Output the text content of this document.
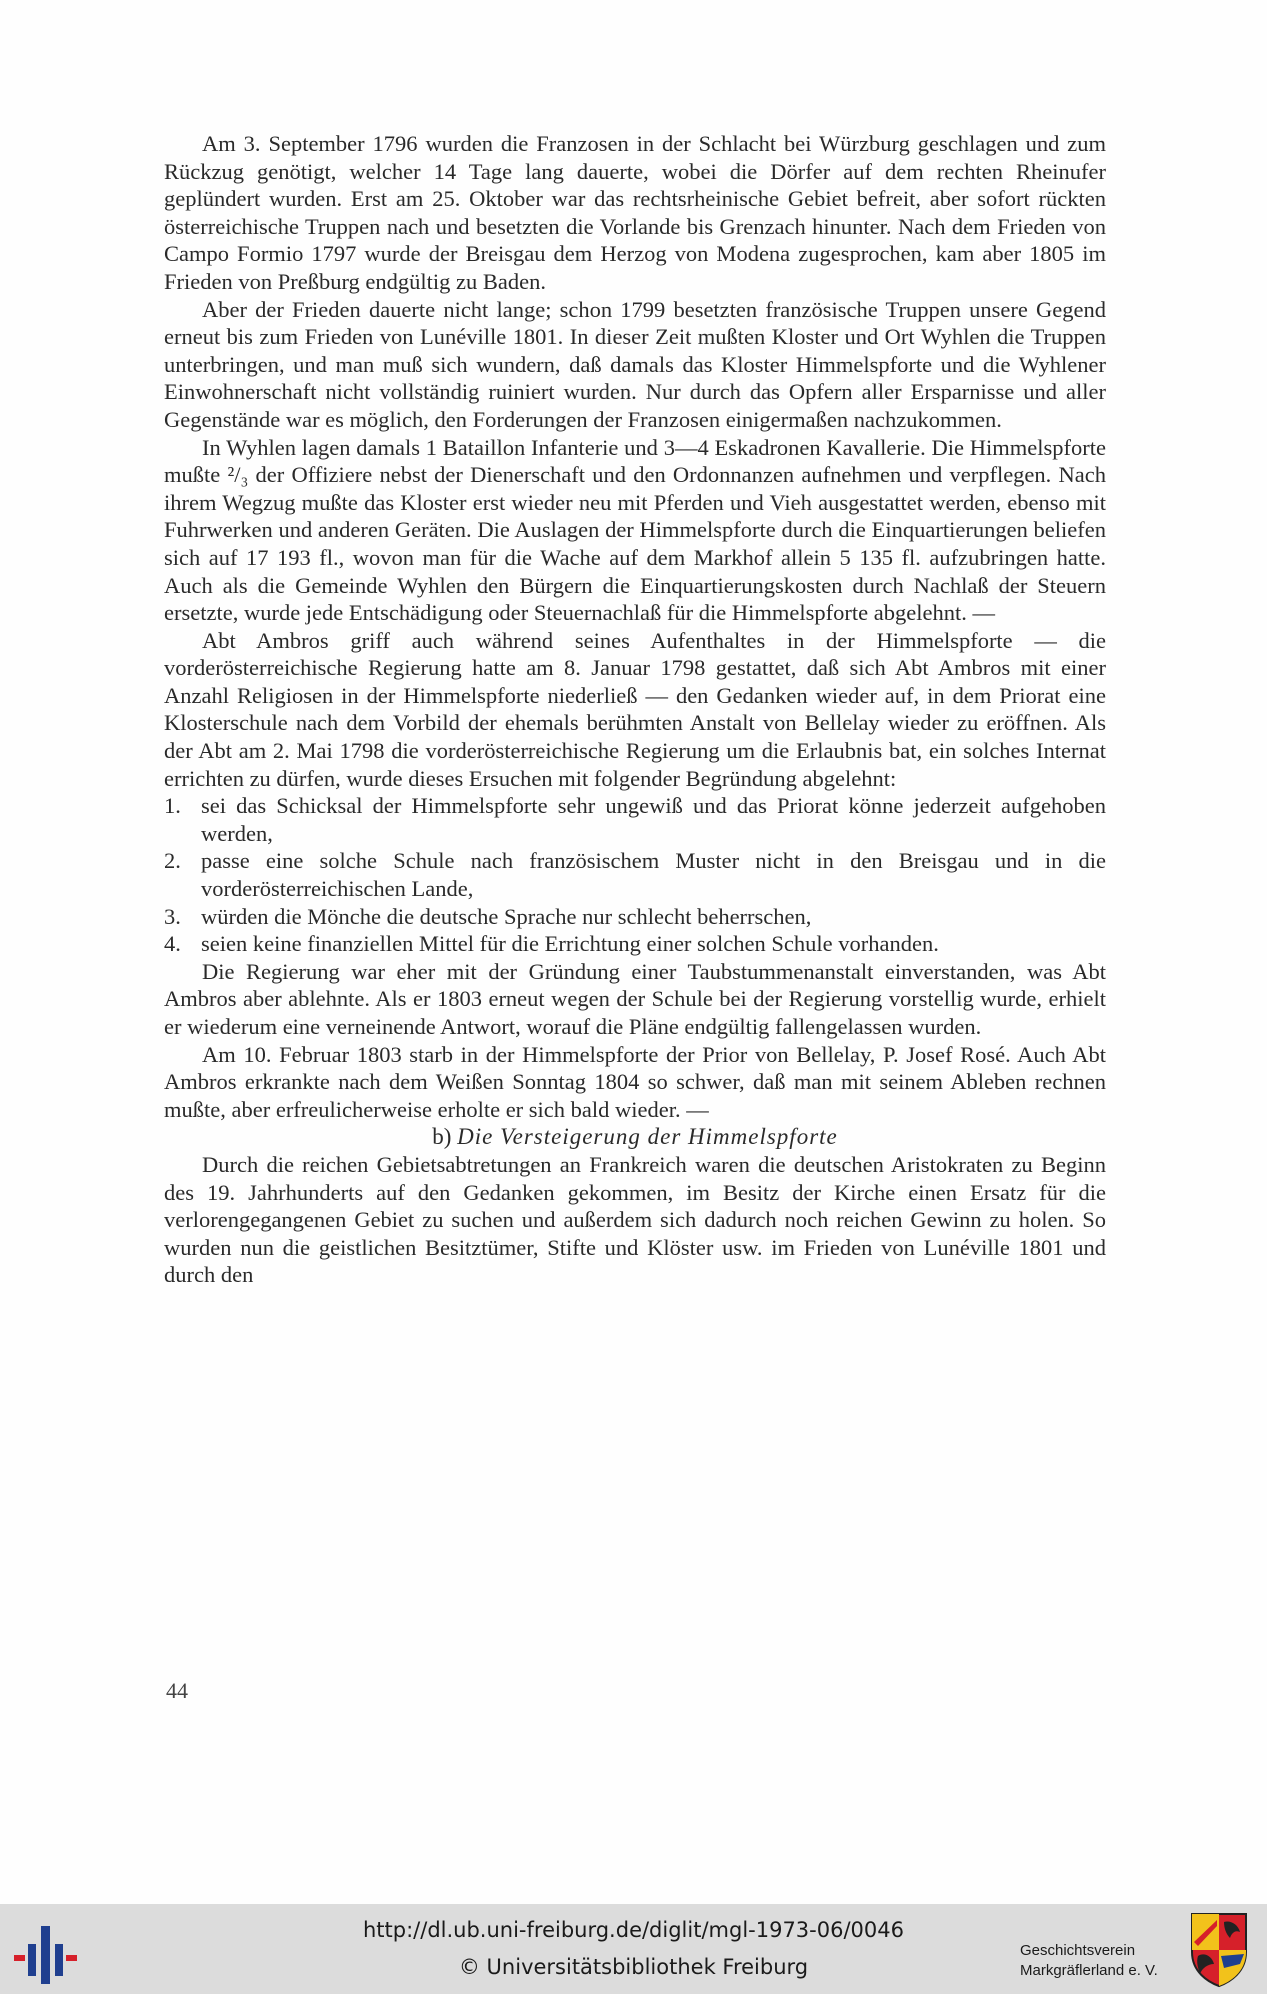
Am 3. September 1796 wurden die Franzosen in der Schlacht bei Würzburg geschlagen und zum Rückzug genötigt, welcher 14 Tage lang dauerte, wobei die Dörfer auf dem rechten Rheinufer geplündert wurden. Erst am 25. Oktober war das rechtsrheinische Gebiet befreit, aber sofort rückten österreichische Truppen nach und besetzten die Vorlande bis Grenzach hinunter. Nach dem Frieden von Campo Formio 1797 wurde der Breisgau dem Herzog von Modena zugesprochen, kam aber 1805 im Frieden von Preßburg endgültig zu Baden.

Aber der Frieden dauerte nicht lange; schon 1799 besetzten französische Truppen unsere Gegend erneut bis zum Frieden von Lunéville 1801. In dieser Zeit mußten Kloster und Ort Wyhlen die Truppen unterbringen, und man muß sich wundern, daß damals das Kloster Himmelspforte und die Wyhlener Einwohnerschaft nicht vollständig ruiniert wurden. Nur durch das Opfern aller Ersparnisse und aller Gegenstände war es möglich, den Forderungen der Franzosen einigermaßen nachzukommen.

In Wyhlen lagen damals 1 Bataillon Infanterie und 3—4 Eskadronen Kavallerie. Die Himmelspforte mußte ²/₃ der Offiziere nebst der Dienerschaft und den Ordonnanzen aufnehmen und verpflegen. Nach ihrem Wegzug mußte das Kloster erst wieder neu mit Pferden und Vieh ausgestattet werden, ebenso mit Fuhrwerken und anderen Geräten. Die Auslagen der Himmelspforte durch die Einquartierungen beliefen sich auf 17 193 fl., wovon man für die Wache auf dem Markhof allein 5 135 fl. aufzubringen hatte. Auch als die Gemeinde Wyhlen den Bürgern die Einquartierungskosten durch Nachlaß der Steuern ersetzte, wurde jede Entschädigung oder Steuernachlaß für die Himmelspforte abgelehnt. —

Abt Ambros griff auch während seines Aufenthaltes in der Himmelspforte — die vorderösterreichische Regierung hatte am 8. Januar 1798 gestattet, daß sich Abt Ambros mit einer Anzahl Religiosen in der Himmelspforte niederließ — den Gedanken wieder auf, in dem Priorat eine Klosterschule nach dem Vorbild der ehemals berühmten Anstalt von Bellelay wieder zu eröffnen. Als der Abt am 2. Mai 1798 die vorderösterreichische Regierung um die Erlaubnis bat, ein solches Internat errichten zu dürfen, wurde dieses Ersuchen mit folgender Begründung abgelehnt:

1. sei das Schicksal der Himmelspforte sehr ungewiß und das Priorat könne jederzeit aufgehoben werden,
2. passe eine solche Schule nach französischem Muster nicht in den Breisgau und in die vorderösterreichischen Lande,
3. würden die Mönche die deutsche Sprache nur schlecht beherrschen,
4. seien keine finanziellen Mittel für die Errichtung einer solchen Schule vorhanden.

Die Regierung war eher mit der Gründung einer Taubstummenanstalt einverstanden, was Abt Ambros aber ablehnte. Als er 1803 erneut wegen der Schule bei der Regierung vorstellig wurde, erhielt er wiederum eine verneinende Antwort, worauf die Pläne endgültig fallengelassen wurden.

Am 10. Februar 1803 starb in der Himmelspforte der Prior von Bellelay, P. Josef Rosé. Auch Abt Ambros erkrankte nach dem Weißen Sonntag 1804 so schwer, daß man mit seinem Ableben rechnen mußte, aber erfreulicherweise erholte er sich bald wieder. —

b) Die Versteigerung der Himmelspforte

Durch die reichen Gebietsabtretungen an Frankreich waren die deutschen Aristokraten zu Beginn des 19. Jahrhunderts auf den Gedanken gekommen, im Besitz der Kirche einen Ersatz für die verlorengegangenen Gebiet zu suchen und außerdem sich dadurch noch reichen Gewinn zu holen. So wurden nun die geistlichen Besitztümer, Stifte und Klöster usw. im Frieden von Lunéville 1801 und durch den

44
http://dl.ub.uni-freiburg.de/diglit/mgl-1973-06/0046
© Universitätsbibliothek Freiburg
Geschichtsverein
Markgräflerland e. V.
